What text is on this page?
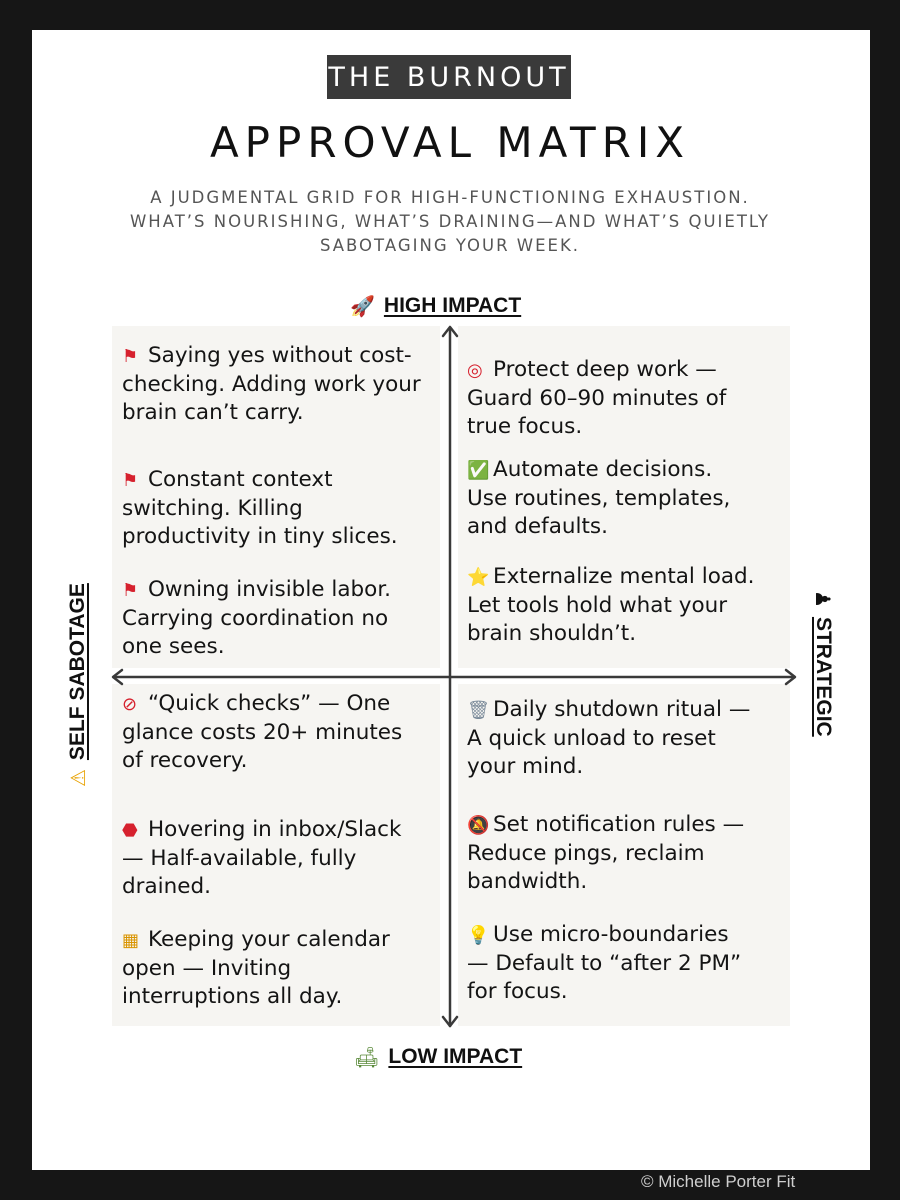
THE BURNOUT
APPROVAL MATRIX
A JUDGMENTAL GRID FOR HIGH-FUNCTIONING EXHAUSTION.
WHAT’S NOURISHING, WHAT’S DRAINING—AND WHAT’S QUIETLY
SABOTAGING YOUR WEEK.
🚀 HIGH IMPACT
🛋 LOW IMPACT
⚠
SELF SABOTAGE	♟
STRATEGIC
⚑ Saying yes without cost-
checking. Adding work your
brain can’t carry.
⚑ Constant context
switching. Killing
productivity in tiny slices.
⚑ Owning invisible labor.
Carrying coordination no
one sees.
◎ Protect deep work —
Guard 60–90 minutes of
true focus.
✅ Automate decisions.
Use routines, templates,
and defaults.
⭐ Externalize mental load.
Let tools hold what your
brain shouldn’t.
⊘ “Quick checks” — One
glance costs 20+ minutes
of recovery.
⬣ Hovering in inbox/Slack
— Half-available, fully
drained.
▦ Keeping your calendar
open — Inviting
interruptions all day.
🗑 Daily shutdown ritual —
A quick unload to reset
your mind.
🔕 Set notification rules —
Reduce pings, reclaim
bandwidth.
💡 Use micro-boundaries
— Default to “after 2 PM”
for focus.
© Michelle Porter Fit
